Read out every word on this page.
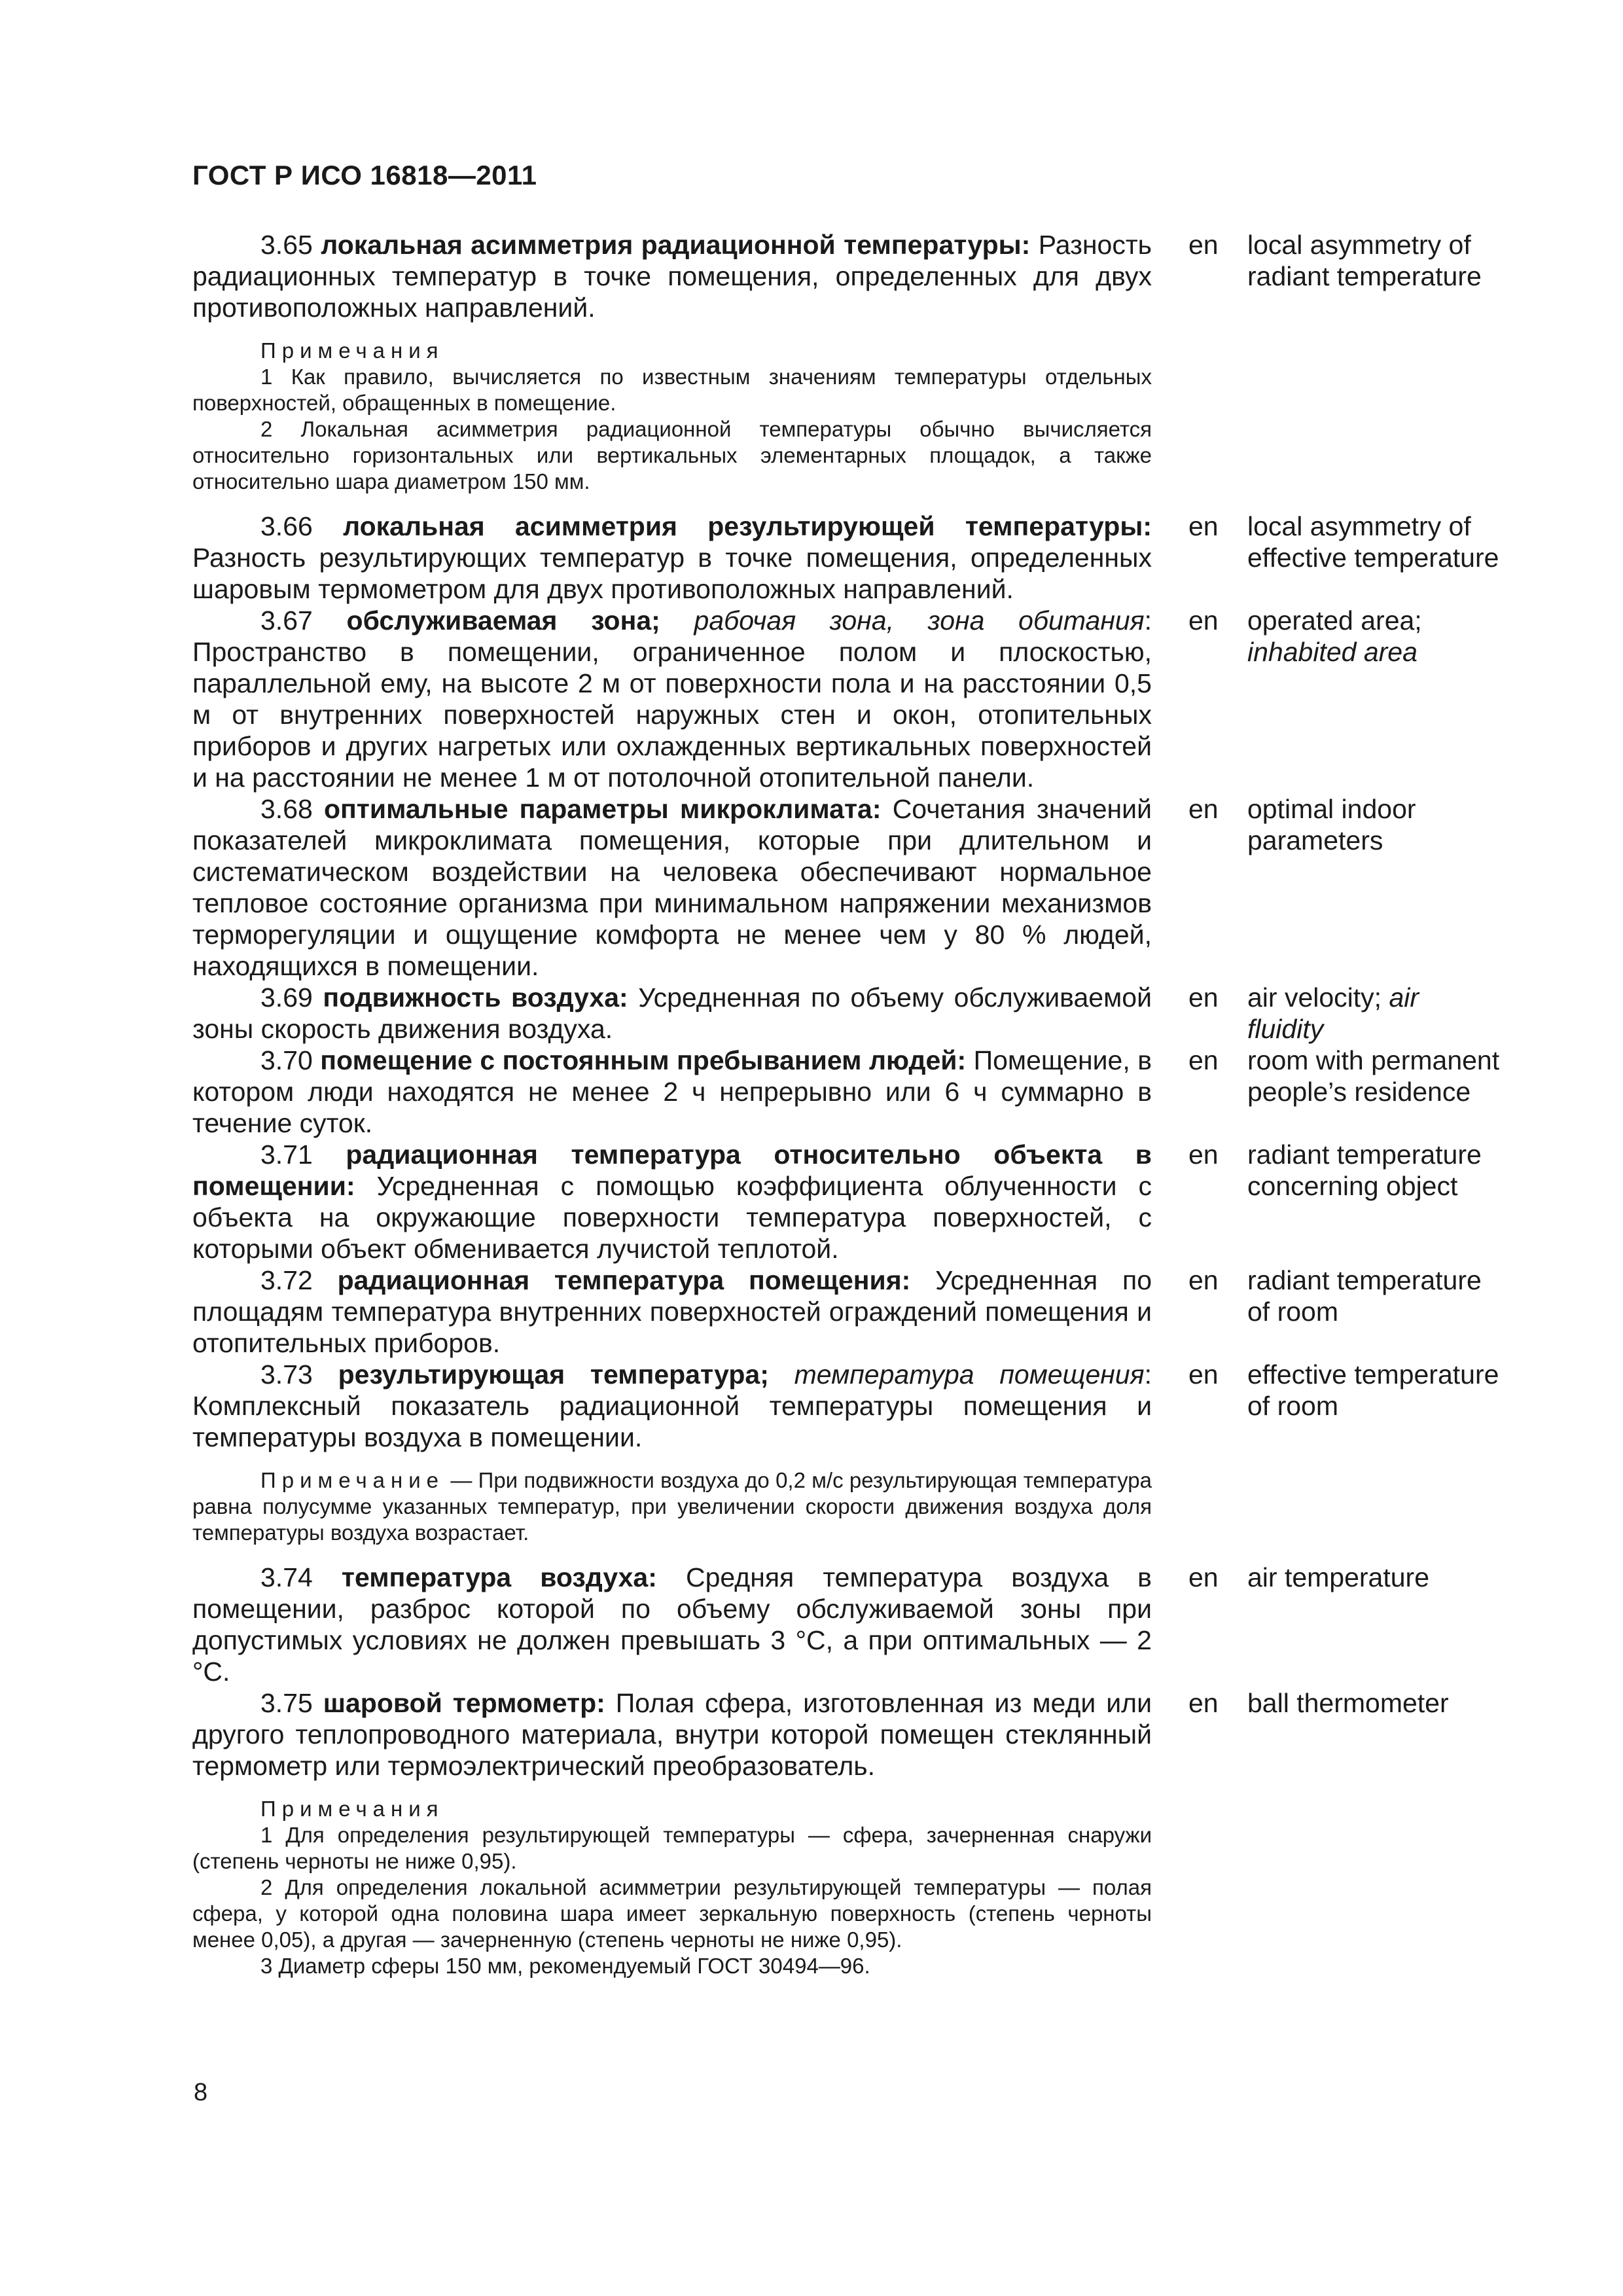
ГОСТ Р ИСО 16818—2011
3.65 локальная асимметрия радиационной температуры: Разность радиационных температур в точке помещения, определенных для двух противоположных направлений.
en	local asymmetry of radiant temperature
Примечания
1 Как правило, вычисляется по известным значениям температуры отдельных поверхностей, обращенных в помещение.
2 Локальная асимметрия радиационной температуры обычно вычисляется относительно горизонтальных или вертикальных элементарных площадок, а также относительно шара диаметром 150 мм.
3.66 локальная асимметрия результирующей температуры: Разность результирующих температур в точке помещения, определенных шаровым термометром для двух противоположных направлений.
en	local asymmetry of effective temperature
3.67 обслуживаемая зона; рабочая зона, зона обитания: Пространство в помещении, ограниченное полом и плоскостью, параллельной ему, на высоте 2 м от поверхности пола и на расстоянии 0,5 м от внутренних поверхностей наружных стен и окон, отопительных приборов и других нагретых или охлажденных вертикальных поверхностей и на расстоянии не менее 1 м от потолочной отопительной панели.
en	operated area; inhabited area
3.68 оптимальные параметры микроклимата: Сочетания значений показателей микроклимата помещения, которые при длительном и систематическом воздействии на человека обеспечивают нормальное тепловое состояние организма при минимальном напряжении механизмов терморегуляции и ощущение комфорта не менее чем у 80 % людей, находящихся в помещении.
en	optimal indoor parameters
3.69 подвижность воздуха: Усредненная по объему обслуживаемой зоны скорость движения воздуха.
en	air velocity; air fluidity
3.70 помещение с постоянным пребыванием людей: Помещение, в котором люди находятся не менее 2 ч непрерывно или 6 ч суммарно в течение суток.
en	room with permanent people’s residence
3.71 радиационная температура относительно объекта в помещении: Усредненная с помощью коэффициента облученности с объекта на окружающие поверхности температура поверхностей, с которыми объект обменивается лучистой теплотой.
en	radiant temperature concerning object
3.72 радиационная температура помещения: Усредненная по площадям температура внутренних поверхностей ограждений помещения и отопительных приборов.
en	radiant temperature of room
3.73 результирующая температура; температура помещения: Комплексный показатель радиационной температуры помещения и температуры воздуха в помещении.
en	effective temperature of room
Примечание — При подвижности воздуха до 0,2 м/с результирующая температура равна полусумме указанных температур, при увеличении скорости движения воздуха доля температуры воздуха возрастает.
3.74 температура воздуха: Средняя температура воздуха в помещении, разброс которой по объему обслуживаемой зоны при допустимых условиях не должен превышать 3 °С, а при оптимальных — 2 °С.
en	air temperature
3.75 шаровой термометр: Полая сфера, изготовленная из меди или другого теплопроводного материала, внутри которой помещен стеклянный термометр или термоэлектрический преобразователь.
en	ball thermometer
Примечания
1 Для определения результирующей температуры — сфера, зачерненная снаружи (степень черноты не ниже 0,95).
2 Для определения локальной асимметрии результирующей температуры — полая сфера, у которой одна половина шара имеет зеркальную поверхность (степень черноты менее 0,05), а другая — зачерненную (степень черноты не ниже 0,95).
3 Диаметр сферы 150 мм, рекомендуемый ГОСТ 30494—96.
8
